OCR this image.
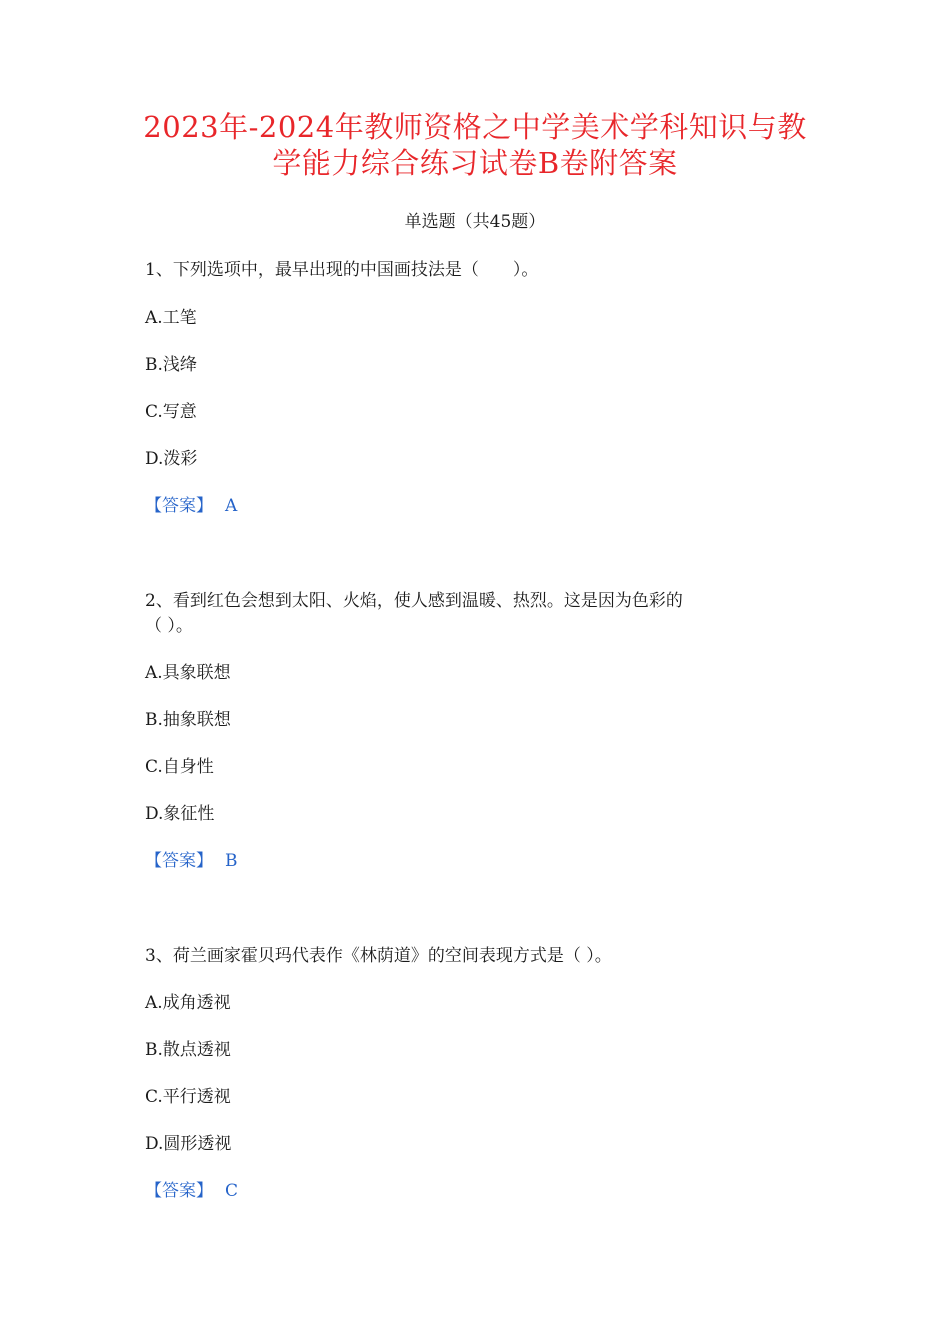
2023年-2024年教师资格之中学美术学科知识与教
学能力综合练习试卷B卷附答案
单选题（共45题）
1、下列选项中，最早出现的中国画技法是（　　）。
A.工笔
B.浅绛
C.写意
D.泼彩
【答案】 A
2、看到红色会想到太阳、火焰，使人感到温暖、热烈。这是因为色彩的
（ ）。
A.具象联想
B.抽象联想
C.自身性
D.象征性
【答案】 B
3、荷兰画家霍贝玛代表作《林荫道》的空间表现方式是（ ）。
A.成角透视
B.散点透视
C.平行透视
D.圆形透视
【答案】 C
